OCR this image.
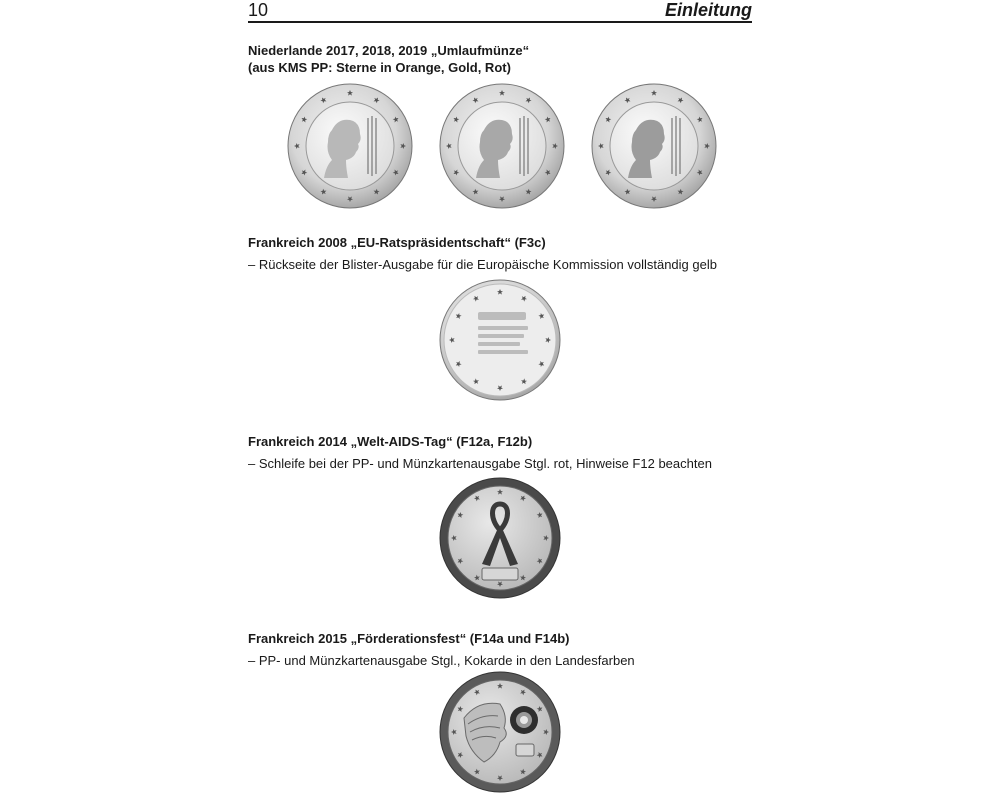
10	Einleitung
Niederlande 2017, 2018, 2019 „Umlaufmünze“
(aus KMS PP: Sterne in Orange, Gold, Rot)
Frankreich 2008 „EU-Ratspräsidentschaft“ (F3c)
– Rückseite der Blister-Ausgabe für die Europäische Kommission vollständig gelb
Frankreich 2014 „Welt-AIDS-Tag“ (F12a, F12b)
– Schleife bei der PP- und Münzkartenausgabe Stgl. rot, Hinweise F12 beachten
Frankreich 2015 „Förderationsfest“ (F14a und F14b)
– PP- und Münzkartenausgabe Stgl., Kokarde in den Landesfarben
